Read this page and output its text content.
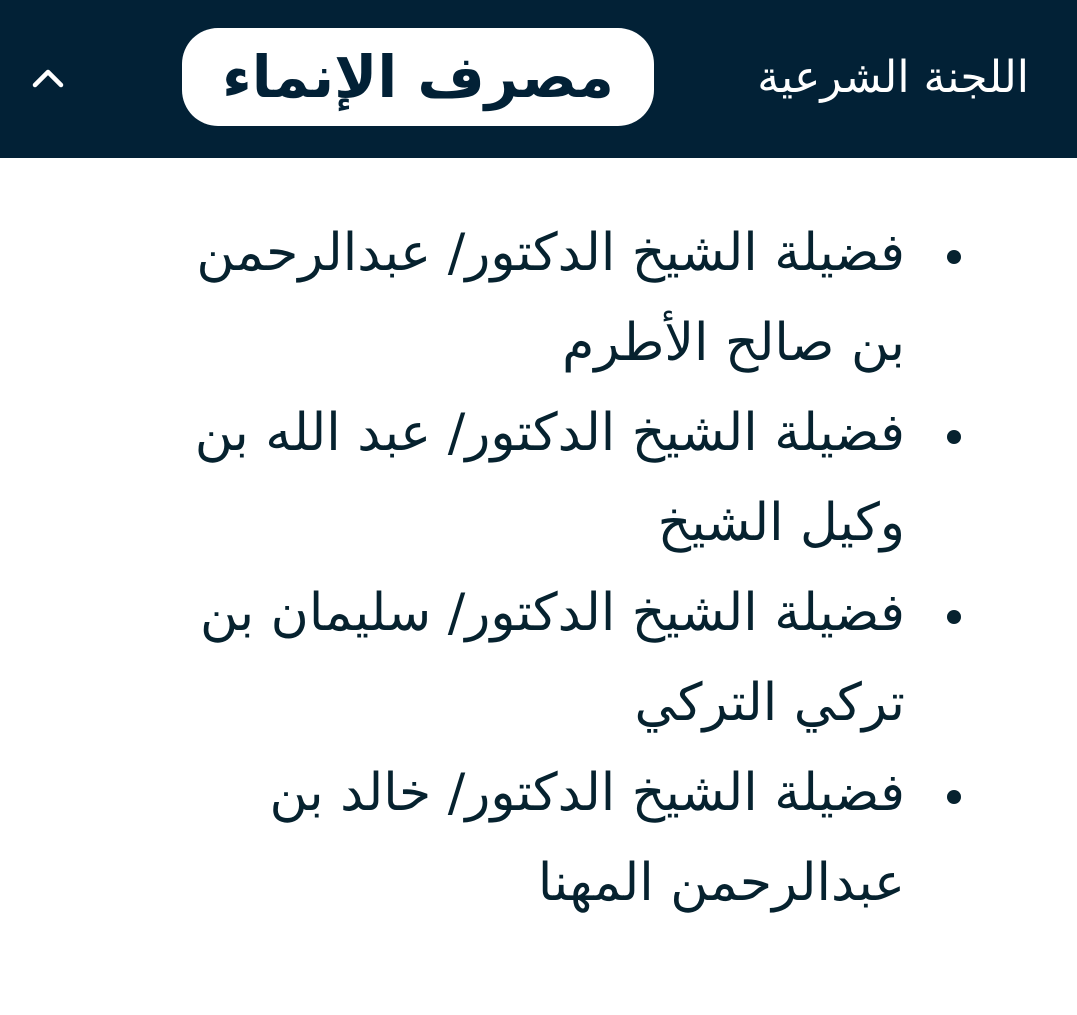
اللجنة الشرعية
مصرف الإنماء
فضيلة الشيخ الدكتور/ عبدالرحمن بن صالح الأطرم
فضيلة الشيخ الدكتور/ عبد الله بن وكيل الشيخ
فضيلة الشيخ الدكتور/ سليمان بن تركي التركي
فضيلة الشيخ الدكتور/ خالد بن عبدالرحمن المهنا
